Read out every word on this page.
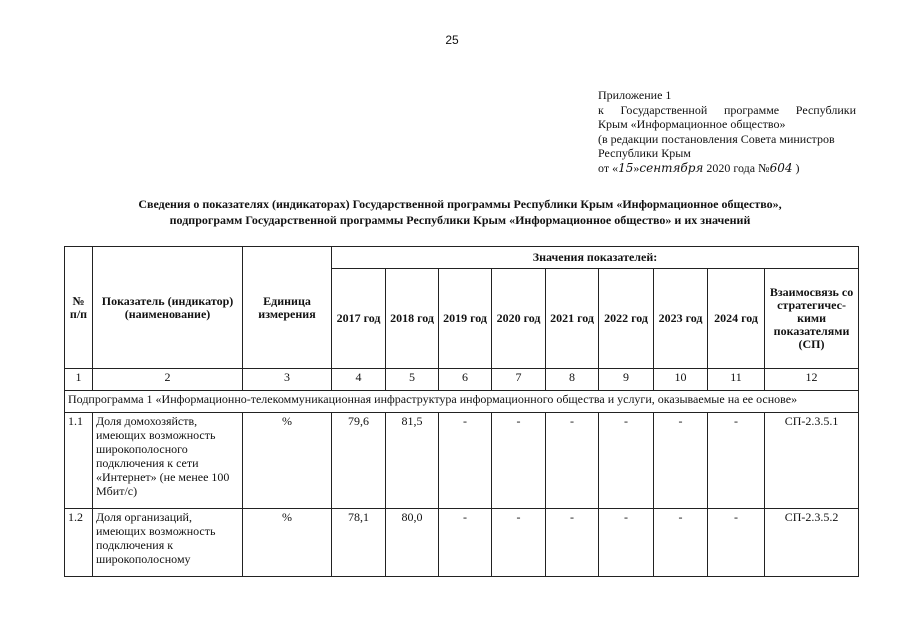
25
Приложение 1
к Государственной программе Республики
Крым «Информационное общество»
(в редакции постановления Совета министров
Республики Крым
от «15»сентября 2020 года №604 )
Сведения о показателях (индикаторах) Государственной программы Республики Крым «Информационное общество»,
подпрограмм Государственной программы Республики Крым «Информационное общество» и их значений
№ п/п	Показатель (индикатор) (наименование)	Единица измерения	Значения показателей:								
			2017 год	2018 год	2019 год	2020 год	2021 год	2022 год	2023 год	2024 год	Взаимосвязь со стратегичес-кими показателями (СП)
1	2	3	4	5	6	7	8	9	10	11	12
Подпрограмма 1 «Информационно-телекоммуникационная инфраструктура информационного общества и услуги, оказываемые на ее основе»											
1.1	Доля домохозяйств, имеющих возможность широкополосного подключения к сети «Интернет» (не менее 100 Мбит/с)	%	79,6	81,5	-	-	-	-	-	-	СП-2.3.5.1
1.2	Доля организаций, имеющих возможность подключения к широкополосному	%	78,1	80,0	-	-	-	-	-	-	СП-2.3.5.2
